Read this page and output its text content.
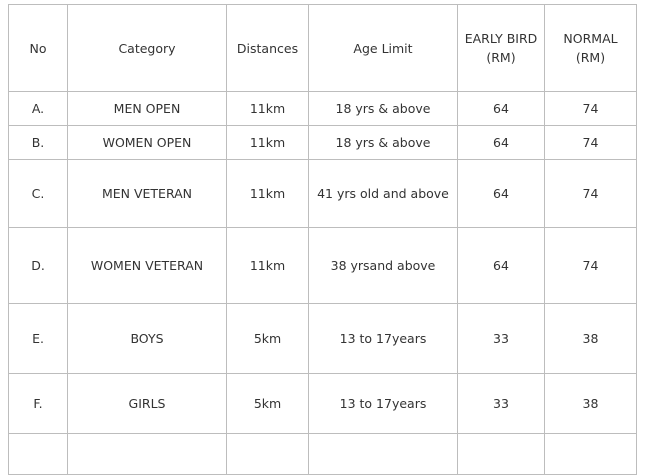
No	Category	Distances	Age Limit	EARLY BIRD (RM)	NORMAL (RM)
A.	MEN OPEN	11km	18 yrs & above	64	74
B.	WOMEN OPEN	11km	18 yrs & above	64	74
C.	MEN VETERAN	11km	41 yrs old and above	64	74
D.	WOMEN VETERAN	11km	38 yrsand above	64	74
E.	BOYS	5km	13 to 17years	33	38
F.	GIRLS	5km	13 to 17years	33	38
